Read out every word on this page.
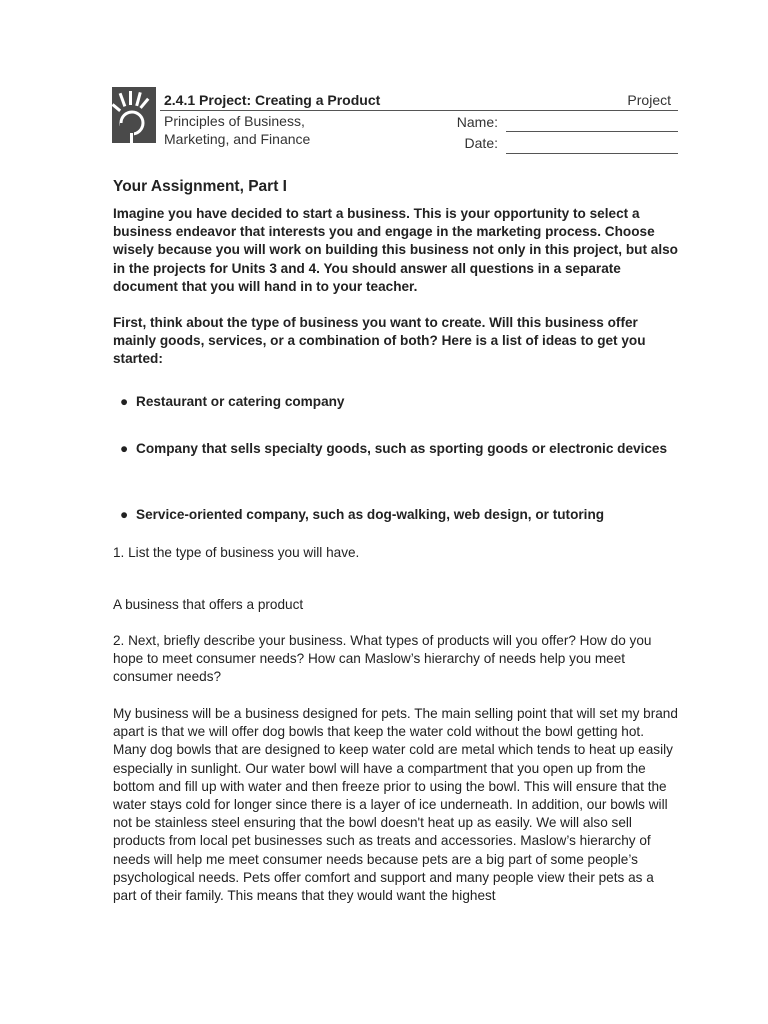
2.4.1 Project: Creating a Product	Project
Principles of Business,
Marketing, and Finance
Name:
Date:
Your Assignment, Part I

Imagine you have decided to start a business. This is your opportunity to select a business endeavor that interests you and engage in the marketing process. Choose wisely because you will work on building this business not only in this project, but also in the projects for Units 3 and 4. You should answer all questions in a separate document that you will hand in to your teacher.

First, think about the type of business you want to create. Will this business offer mainly goods, services, or a combination of both? Here is a list of ideas to get you started:

● Restaurant or catering company
● Company that sells specialty goods, such as sporting goods or electronic devices
● Service-oriented company, such as dog-walking, web design, or tutoring

1. List the type of business you will have.

A business that offers a product

2. Next, briefly describe your business. What types of products will you offer? How do you hope to meet consumer needs? How can Maslow’s hierarchy of needs help you meet consumer needs?

My business will be a business designed for pets. The main selling point that will set my brand apart is that we will offer dog bowls that keep the water cold without the bowl getting hot. Many dog bowls that are designed to keep water cold are metal which tends to heat up easily especially in sunlight. Our water bowl will have a compartment that you open up from the bottom and fill up with water and then freeze prior to using the bowl. This will ensure that the water stays cold for longer since there is a layer of ice underneath. In addition, our bowls will not be stainless steel ensuring that the bowl doesn't heat up as easily. We will also sell products from local pet businesses such as treats and accessories. Maslow’s hierarchy of needs will help me meet consumer needs because pets are a big part of some people’s psychological needs. Pets offer comfort and support and many people view their pets as a part of their family. This means that they would want the highest
